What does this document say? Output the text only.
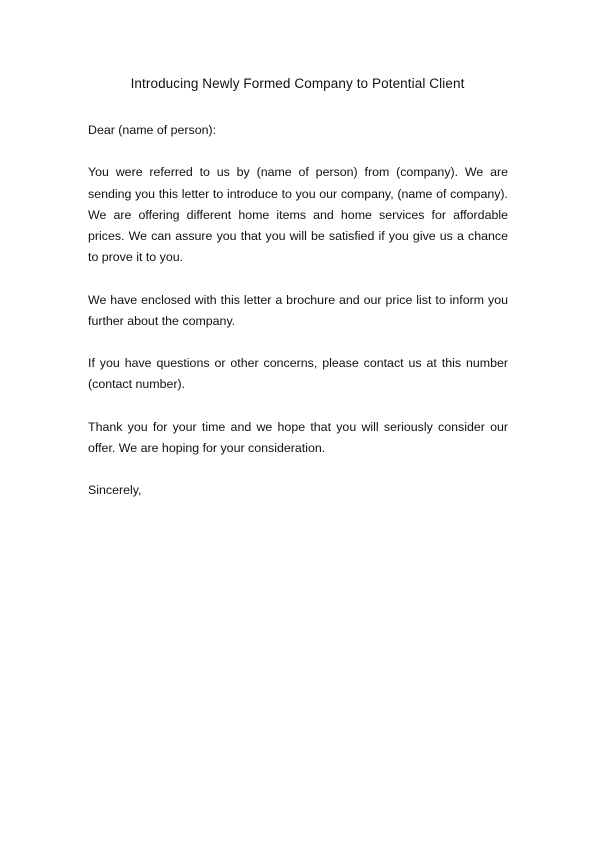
Introducing Newly Formed Company to Potential Client

Dear (name of person):

You were referred to us by (name of person) from (company). We are sending you this letter to introduce to you our company, (name of company). We are offering different home items and home services for affordable prices. We can assure you that you will be satisfied if you give us a chance to prove it to you.

We have enclosed with this letter a brochure and our price list to inform you further about the company.

If you have questions or other concerns, please contact us at this number (contact number).

Thank you for your time and we hope that you will seriously consider our offer. We are hoping for your consideration.

Sincerely,
